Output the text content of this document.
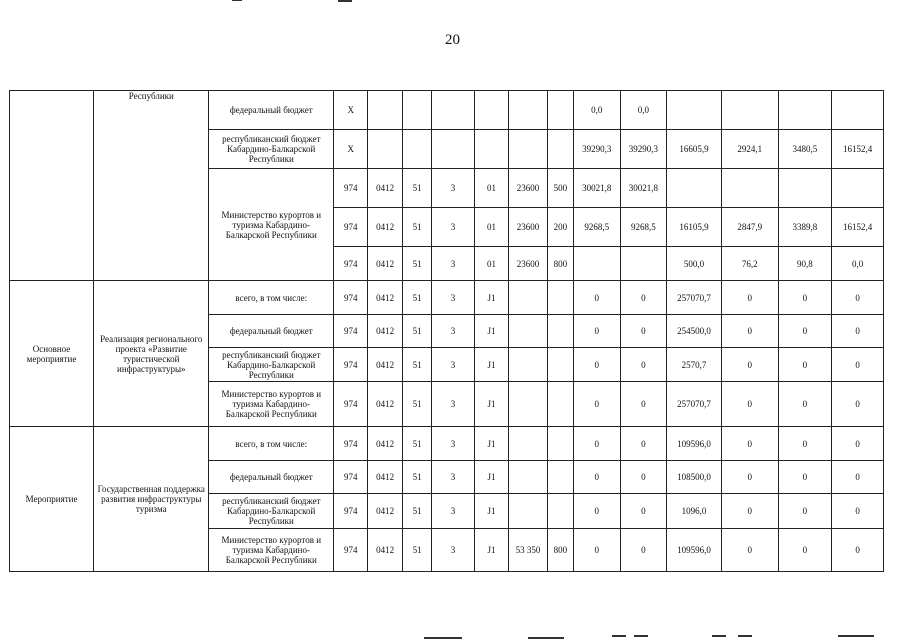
20
	Республики	федеральный бюджет	Х							0,0	0,0				
		республиканский бюджет Кабардино-Балкарской Республики	Х							39290,3	39290,3	16605,9	2924,1	3480,5	16152,4
		Министерство курортов и туризма Кабардино-Балкарской Республики	974	0412	51	3	01	23600	500	30021,8	30021,8				
			974	0412	51	3	01	23600	200	9268,5	9268,5	16105,9	2847,9	3389,8	16152,4
			974	0412	51	3	01	23600	800			500,0	76,2	90,8	0,0
Основное мероприятие	Реализация регионального проекта «Развитие туристической инфраструктуры»	всего, в том числе:	974	0412	51	3	J1			0	0	257070,7	0	0	0
		федеральный бюджет	974	0412	51	3	J1			0	0	254500,0	0	0	0
		республиканский бюджет Кабардино-Балкарской Республики	974	0412	51	3	J1			0	0	2570,7	0	0	0
		Министерство курортов и туризма Кабардино-Балкарской Республики	974	0412	51	3	J1			0	0	257070,7	0	0	0
Мероприятие	Государственная поддержка развития инфраструктуры туризма	всего, в том числе:	974	0412	51	3	J1			0	0	109596,0	0	0	0
		федеральный бюджет	974	0412	51	3	J1			0	0	108500,0	0	0	0
		республиканский бюджет Кабардино-Балкарской Республики	974	0412	51	3	J1			0	0	1096,0	0	0	0
		Министерство курортов и туризма Кабардино-Балкарской Республики	974	0412	51	3	J1	53 350	800	0	0	109596,0	0	0	0
